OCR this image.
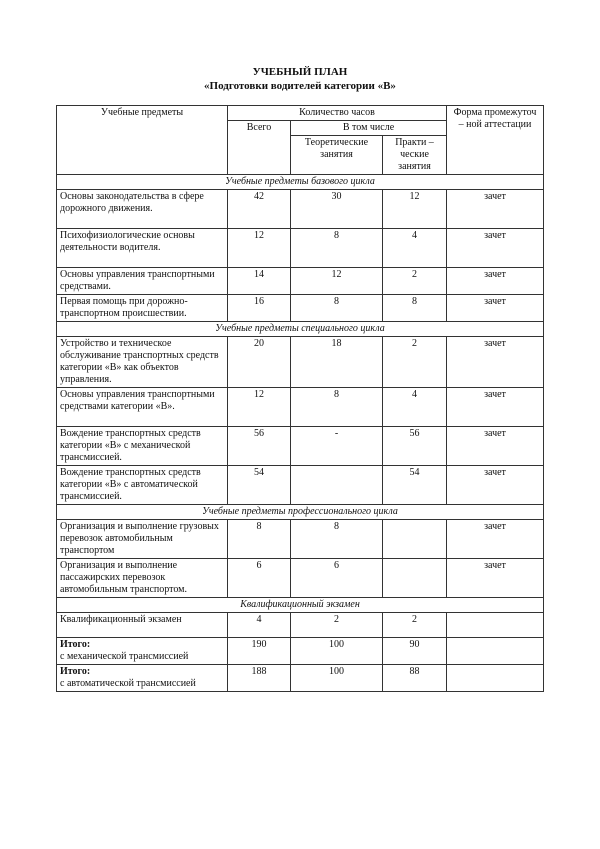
УЧЕБНЫЙ ПЛАН
«Подготовки водителей категории «В»
Учебные предметы	Количество часов			Форма промежуточ – ной аттестации
	Всего	В том числе		
		Теоретические занятия	Практи – ческие занятия	
Учебные предметы базового цикла				
Основы законодательства в сфере дорожного движения.	42	30	12	зачет
Психофизиологические основы деятельности водителя.	12	8	4	зачет
Основы управления транспортными средствами.	14	12	2	зачет
Первая помощь при дорожно-транспортном происшествии.	16	8	8	зачет
Учебные предметы специального цикла				
Устройство и техническое обслуживание транспортных средств категории «В» как объектов управления.	20	18	2	зачет
Основы управления транспортными средствами категории «В».	12	8	4	зачет
Вождение транспортных средств категории «В» с механической трансмиссией.	56	-	56	зачет
Вождение транспортных средств категории «В» с автоматической трансмиссией.	54		54	зачет
Учебные предметы профессионального цикла				
Организация и выполнение грузовых перевозок автомобильным транспортом	8	8		зачет
Организация и выполнение пассажирских перевозок автомобильным транспортом.	6	6		зачет
Квалификационный экзамен				
Квалификационный экзамен	4	2	2	

Итого:
с механической трансмиссией	190	100	90	

Итого:
с автоматической трансмиссией	188	100	88	
